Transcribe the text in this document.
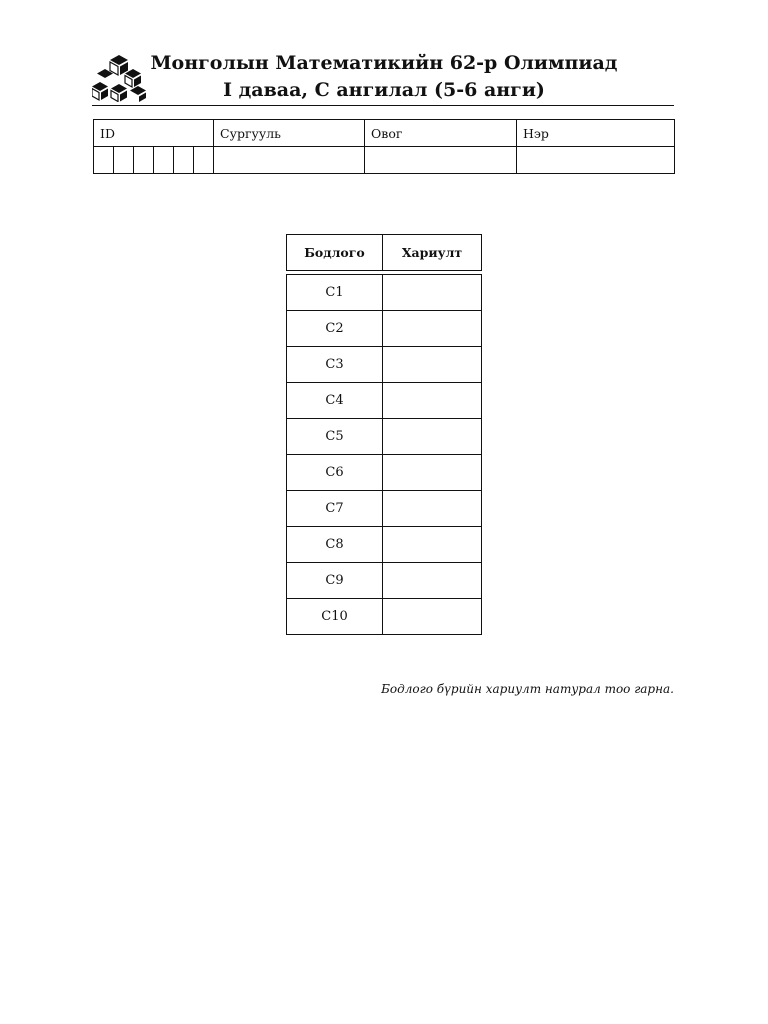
Монголын Математикийн 62-р Олимпиад
I даваа, C ангилал (5-6 анги)
ID						Сургууль	Овог	Нэр

Бодлого	Хариулт

C1	
C2	
C3	
C4	
C5	
C6	
C7	
C8	
C9	
C10	
Бодлого бүрийн хариулт натурал тоо гарна.
